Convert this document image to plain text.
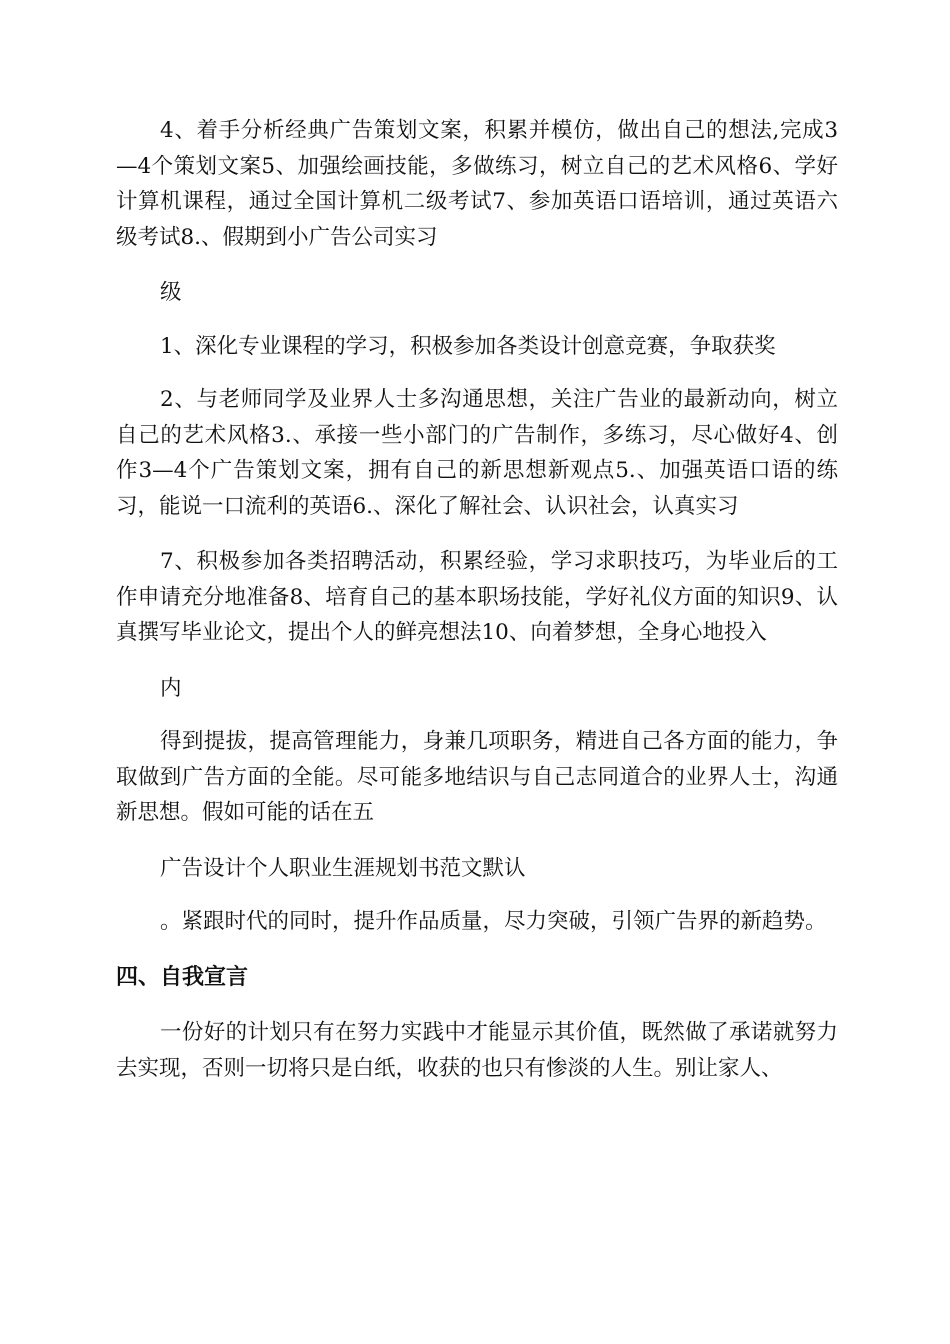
4、着手分析经典广告策划文案，积累并模仿，做出自己的想法,完成3—4个策划文案5、加强绘画技能，多做练习，树立自己的艺术风格6、学好计算机课程，通过全国计算机二级考试7、参加英语口语培训，通过英语六级考试8.、假期到小广告公司实习

级

1、深化专业课程的学习，积极参加各类设计创意竞赛，争取获奖

2、与老师同学及业界人士多沟通思想，关注广告业的最新动向，树立自己的艺术风格3.、承接一些小部门的广告制作，多练习，尽心做好4、创作3—4个广告策划文案，拥有自己的新思想新观点5.、加强英语口语的练习，能说一口流利的英语6.、深化了解社会、认识社会，认真实习

7、积极参加各类招聘活动，积累经验，学习求职技巧，为毕业后的工作申请充分地准备8、培育自己的基本职场技能，学好礼仪方面的知识9、认真撰写毕业论文，提出个人的鲜亮想法10、向着梦想，全身心地投入

内

得到提拔，提高管理能力，身兼几项职务，精进自己各方面的能力，争取做到广告方面的全能。尽可能多地结识与自己志同道合的业界人士，沟通新思想。假如可能的话在五

广告设计个人职业生涯规划书范文默认

。紧跟时代的同时，提升作品质量，尽力突破，引领广告界的新趋势。

四、自我宣言

一份好的计划只有在努力实践中才能显示其价值，既然做了承诺就努力去实现，否则一切将只是白纸，收获的也只有惨淡的人生。别让家人、
